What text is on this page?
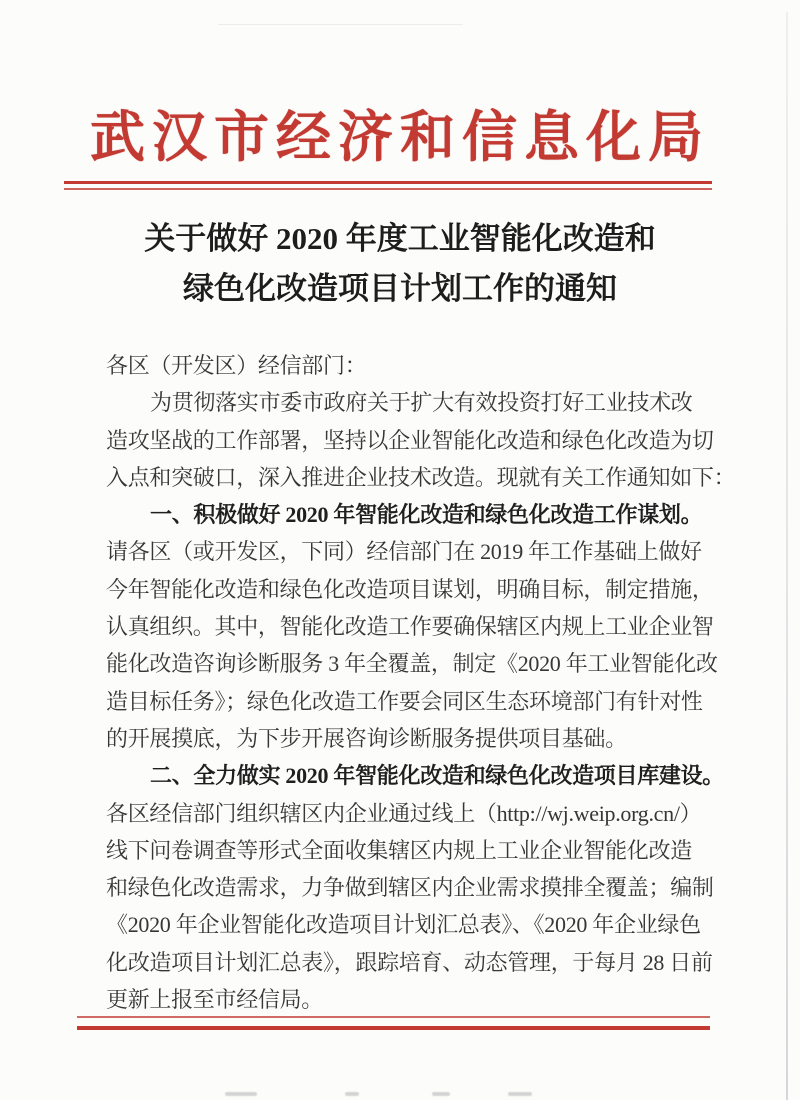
武汉市经济和信息化局
关于做好 2020 年度工业智能化改造和
绿色化改造项目计划工作的通知
各区（开发区）经信部门：
为贯彻落实市委市政府关于扩大有效投资打好工业技术改
造攻坚战的工作部署，坚持以企业智能化改造和绿色化改造为切
入点和突破口，深入推进企业技术改造。现就有关工作通知如下：
一、积极做好 2020 年智能化改造和绿色化改造工作谋划。
请各区（或开发区，下同）经信部门在 2019 年工作基础上做好
今年智能化改造和绿色化改造项目谋划，明确目标，制定措施，
认真组织。其中，智能化改造工作要确保辖区内规上工业企业智
能化改造咨询诊断服务 3 年全覆盖，制定《2020 年工业智能化改
造目标任务》；绿色化改造工作要会同区生态环境部门有针对性
的开展摸底，为下步开展咨询诊断服务提供项目基础。
二、全力做实 2020 年智能化改造和绿色化改造项目库建设。
各区经信部门组织辖区内企业通过线上（http://wj.weip.org.cn/）
线下问卷调查等形式全面收集辖区内规上工业企业智能化改造
和绿色化改造需求，力争做到辖区内企业需求摸排全覆盖；编制
《2020 年企业智能化改造项目计划汇总表》、《2020 年企业绿色
化改造项目计划汇总表》，跟踪培育、动态管理，于每月 28 日前
更新上报至市经信局。
